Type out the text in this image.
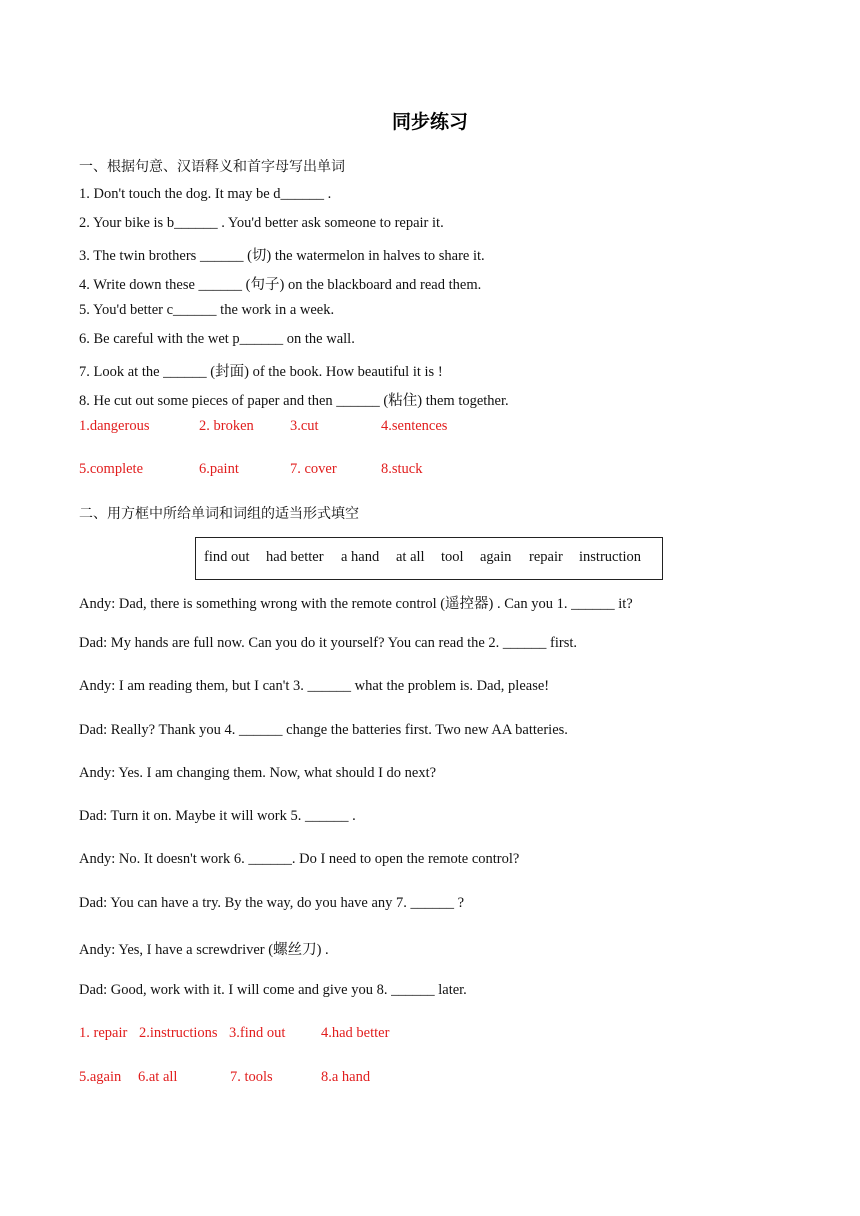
同步练习
一、根据句意、汉语释义和首字母写出单词
1. Don't touch the dog. It may be d______ .
2. Your bike is b______ . You'd better ask someone to repair it.
3. The twin brothers ______ (切) the watermelon in halves to share it.
4. Write down these ______ (句子) on the blackboard and read them.
5. You'd better c______ the work in a week.
6. Be careful with the wet p______ on the wall.
7. Look at the ______ (封面) of the book. How beautiful it is !
8. He cut out some pieces of paper and then ______ (粘住) them together.
1.dangerous	2. broken 3.cut	4.sentences
5.complete	6.paint	7. cover	8.stuck
二、用方框中所给单词和词组的适当形式填空
find out had better a hand at all tool again repair instruction
Andy: Dad, there is something wrong with the remote control (遥控器) . Can you 1. ______ it?
Dad: My hands are full now. Can you do it yourself? You can read the 2. ______ first.
Andy: I am reading them, but I can't 3. ______ what the problem is. Dad, please!
Dad: Really? Thank you 4. ______ change the batteries first. Two new AA batteries.
Andy: Yes. I am changing them. Now, what should I do next?
Dad: Turn it on. Maybe it will work 5. ______ .
Andy: No. It doesn't work 6. ______. Do I need to open the remote control?
Dad: You can have a try. By the way, do you have any 7. ______ ?
Andy: Yes, I have a screwdriver (螺丝刀) .
Dad: Good, work with it. I will come and give you 8. ______ later.
1. repair 2.instructions 3.find out 4.had better
5.again 6.at all	7. tools	8.a hand
